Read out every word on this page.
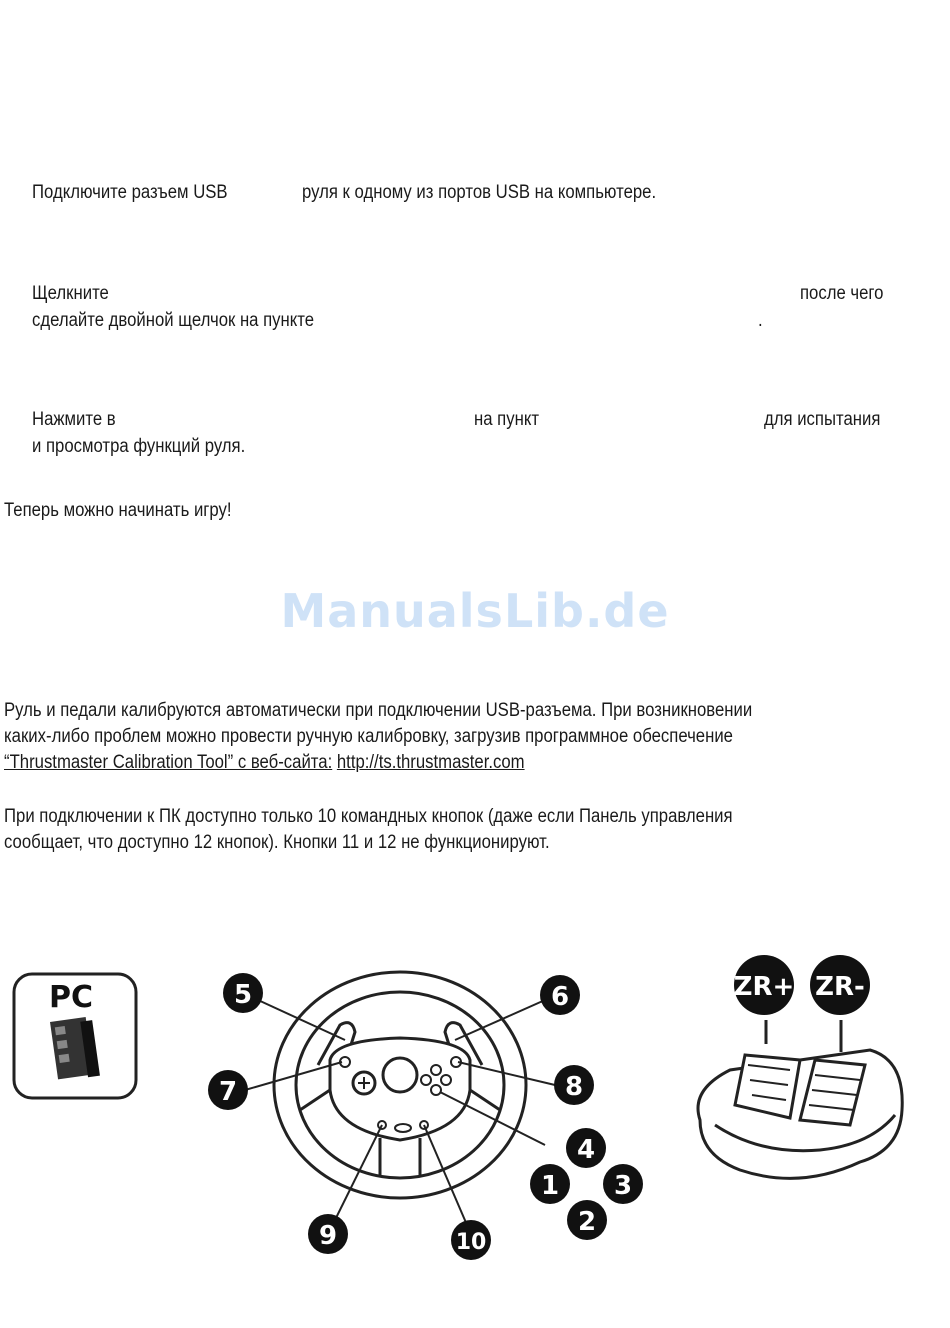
Подключите разъем USB	руля к одному из портов USB на компьютере.
Щелкните	после чего
сделайте двойной щелчок на пункте	.
Нажмите в	на пункт	для испытания
и просмотра функций руля.
Теперь можно начинать игру!
ManualsLib.de
Руль и педали калибруются автоматически при подключении USB-разъема. При возникновении
каких-либо проблем можно провести ручную калибровку, загрузив программное обеспечение
“Thrustmaster Calibration Tool” с веб-сайта: http://ts.thrustmaster.com
При подключении к ПК доступно только 10 командных кнопок (даже если Панель управления
сообщает, что доступно 12 кнопок). Кнопки 11 и 12 не функционируют.
PC	5	6
7	8
4
1 3
2
9	10
ZR+ ZR-
